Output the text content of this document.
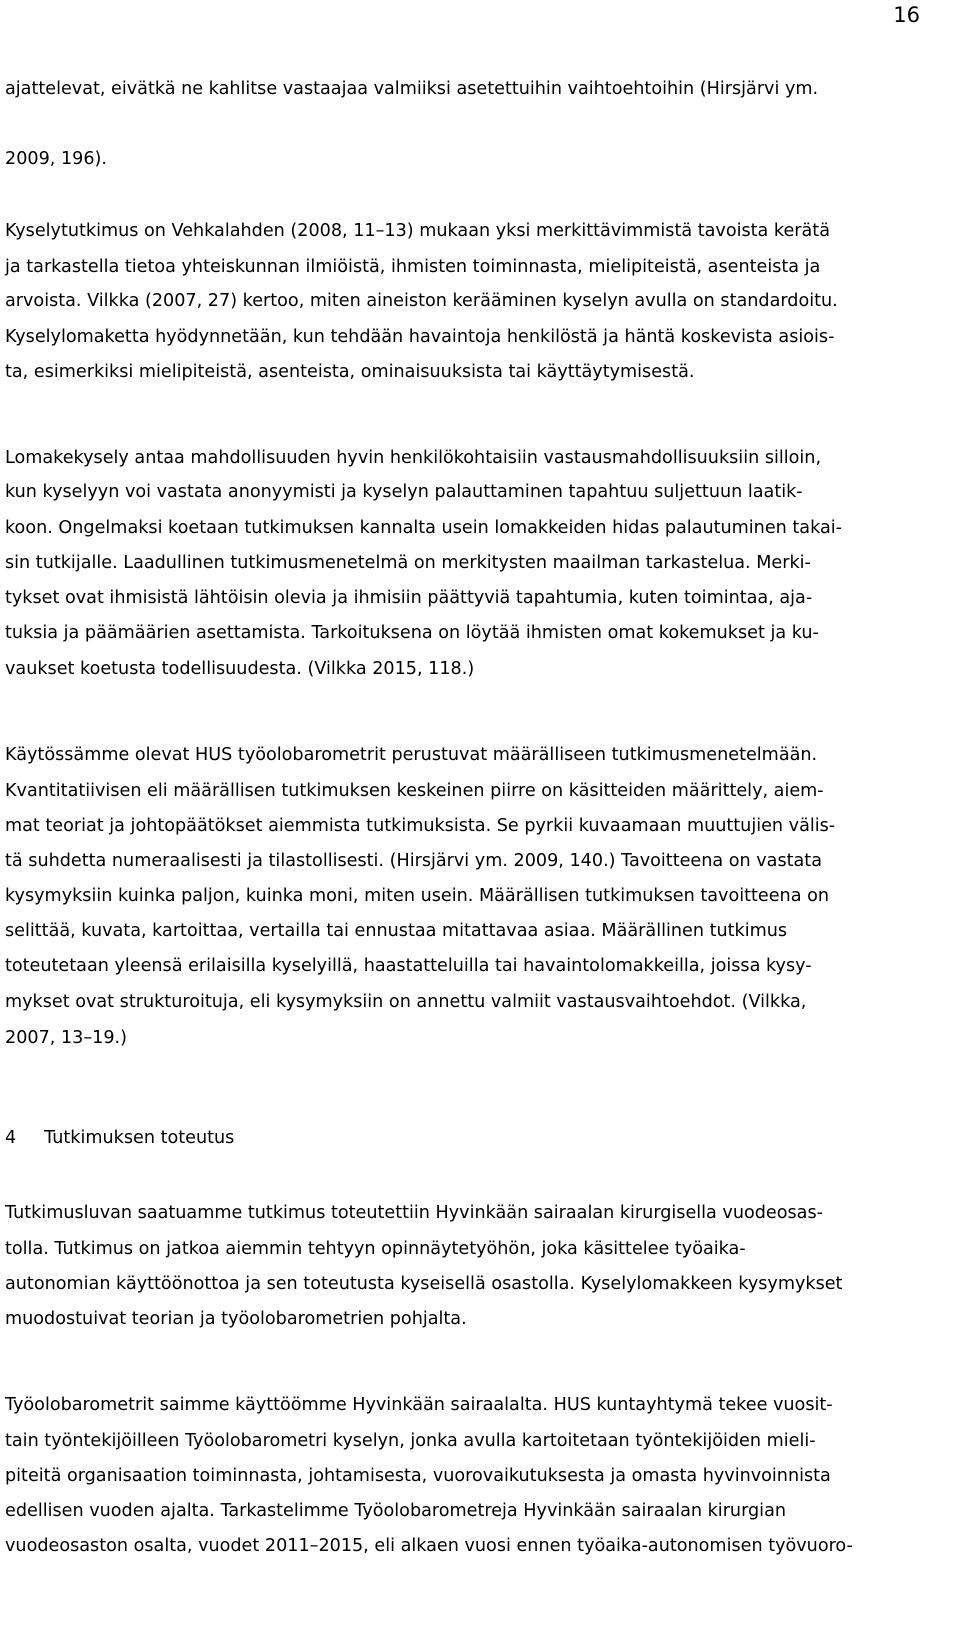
16
ajattelevat, eivätkä ne kahlitse vastaajaa valmiiksi asetettuihin vaihtoehtoihin (Hirsjärvi ym.
2009, 196).
Kyselytutkimus on Vehkalahden (2008, 11–13) mukaan yksi merkittävimmistä tavoista kerätä
ja tarkastella tietoa yhteiskunnan ilmiöistä, ihmisten toiminnasta, mielipiteistä, asenteista ja
arvoista. Vilkka (2007, 27) kertoo, miten aineiston kerääminen kyselyn avulla on standardoitu.
Kyselylomaketta hyödynnetään, kun tehdään havaintoja henkilöstä ja häntä koskevista asiois-
ta, esimerkiksi mielipiteistä, asenteista, ominaisuuksista tai käyttäytymisestä.
Lomakekysely antaa mahdollisuuden hyvin henkilökohtaisiin vastausmahdollisuuksiin silloin,
kun kyselyyn voi vastata anonyymisti ja kyselyn palauttaminen tapahtuu suljettuun laatik-
koon. Ongelmaksi koetaan tutkimuksen kannalta usein lomakkeiden hidas palautuminen takai-
sin tutkijalle. Laadullinen tutkimusmenetelmä on merkitysten maailman tarkastelua. Merki-
tykset ovat ihmisistä lähtöisin olevia ja ihmisiin päättyviä tapahtumia, kuten toimintaa, aja-
tuksia ja päämäärien asettamista. Tarkoituksena on löytää ihmisten omat kokemukset ja ku-
vaukset koetusta todellisuudesta. (Vilkka 2015, 118.)
Käytössämme olevat HUS työolobarometrit perustuvat määrälliseen tutkimusmenetelmään.
Kvantitatiivisen eli määrällisen tutkimuksen keskeinen piirre on käsitteiden määrittely, aiem-
mat teoriat ja johtopäätökset aiemmista tutkimuksista. Se pyrkii kuvaamaan muuttujien välis-
tä suhdetta numeraalisesti ja tilastollisesti. (Hirsjärvi ym. 2009, 140.) Tavoitteena on vastata
kysymyksiin kuinka paljon, kuinka moni, miten usein. Määrällisen tutkimuksen tavoitteena on
selittää, kuvata, kartoittaa, vertailla tai ennustaa mitattavaa asiaa. Määrällinen tutkimus
toteutetaan yleensä erilaisilla kyselyillä, haastatteluilla tai havaintolomakkeilla, joissa kysy-
mykset ovat strukturoituja, eli kysymyksiin on annettu valmiit vastausvaihtoehdot. (Vilkka,
2007, 13–19.)
4     Tutkimuksen toteutus
Tutkimusluvan saatuamme tutkimus toteutettiin Hyvinkään sairaalan kirurgisella vuodeosas-
tolla. Tutkimus on jatkoa aiemmin tehtyyn opinnäytetyöhön, joka käsittelee työaika-
autonomian käyttöönottoa ja sen toteutusta kyseisellä osastolla. Kyselylomakkeen kysymykset
muodostuivat teorian ja työolobarometrien pohjalta.
Työolobarometrit saimme käyttöömme Hyvinkään sairaalalta. HUS kuntayhtymä tekee vuosit-
tain työntekijöilleen Työolobarometri kyselyn, jonka avulla kartoitetaan työntekijöiden mieli-
piteitä organisaation toiminnasta, johtamisesta, vuorovaikutuksesta ja omasta hyvinvoinnista
edellisen vuoden ajalta. Tarkastelimme Työolobarometreja Hyvinkään sairaalan kirurgian
vuodeosaston osalta, vuodet 2011–2015, eli alkaen vuosi ennen työaika-autonomisen työvuoro-
